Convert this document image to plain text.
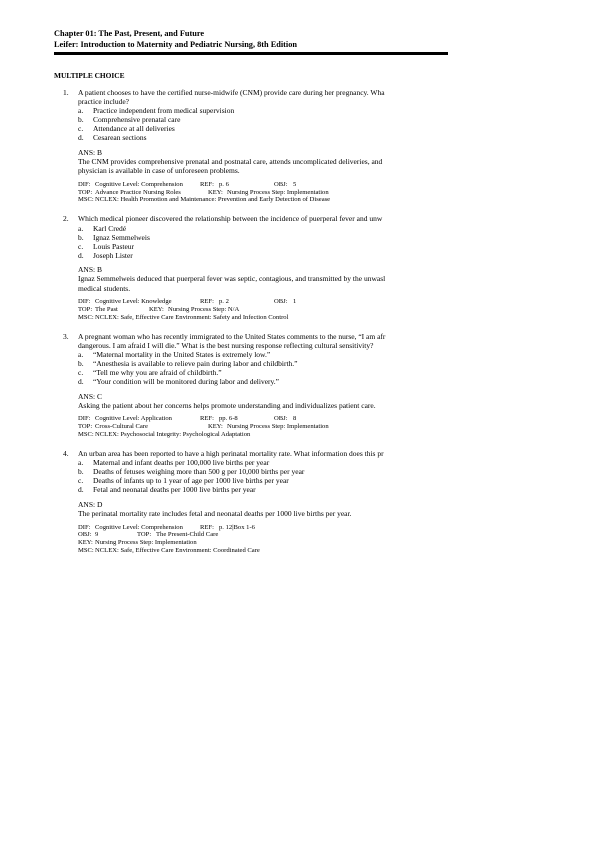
Chapter 01: The Past, Present, and Future
Leifer: Introduction to Maternity and Pediatric Nursing, 8th Edition
MULTIPLE CHOICE
1. A patient chooses to have the certified nurse-midwife (CNM) provide care during her pregnancy. Wha
practice include?
a. Practice independent from medical supervision
b. Comprehensive prenatal care
c. Attendance at all deliveries
d. Cesarean sections
ANS: B
The CNM provides comprehensive prenatal and postnatal care, attends uncomplicated deliveries, and
physician is available in case of unforeseen problems.
DIF: Cognitive Level: Comprehension	REF: p. 6	OBJ: 5
TOP: Advance Practice Nursing Roles	KEY: Nursing Process Step: Implementation
MSC: NCLEX: Health Promotion and Maintenance: Prevention and Early Detection of Disease
2. Which medical pioneer discovered the relationship between the incidence of puerperal fever and unw
a. Karl Credé
b. Ignaz Semmelweis
c. Louis Pasteur
d. Joseph Lister
ANS: B
Ignaz Semmelweis deduced that puerperal fever was septic, contagious, and transmitted by the unwasl
medical students.
DIF: Cognitive Level: Knowledge	REF: p. 2	OBJ: 1
TOP: The Past	KEY: Nursing Process Step: N/A
MSC: NCLEX: Safe, Effective Care Environment: Safety and Infection Control
3. A pregnant woman who has recently immigrated to the United States comments to the nurse, “I am afr
dangerous. I am afraid I will die.” What is the best nursing response reflecting cultural sensitivity?
a. “Maternal mortality in the United States is extremely low.”
b. “Anesthesia is available to relieve pain during labor and childbirth.”
c. “Tell me why you are afraid of childbirth.”
d. “Your condition will be monitored during labor and delivery.”
ANS: C
Asking the patient about her concerns helps promote understanding and individualizes patient care.
DIF: Cognitive Level: Application	REF: pp. 6-8	OBJ: 8
TOP: Cross-Cultural Care	KEY: Nursing Process Step: Implementation
MSC: NCLEX: Psychosocial Integrity: Psychological Adaptation
4. An urban area has been reported to have a high perinatal mortality rate. What information does this pr
a. Maternal and infant deaths per 100,000 live births per year
b. Deaths of fetuses weighing more than 500 g per 10,000 births per year
c. Deaths of infants up to 1 year of age per 1000 live births per year
d. Fetal and neonatal deaths per 1000 live births per year
ANS: D
The perinatal mortality rate includes fetal and neonatal deaths per 1000 live births per year.
DIF: Cognitive Level: Comprehension	REF: p. 12|Box 1-6
OBJ: 9	TOP: The Present-Child Care
KEY: Nursing Process Step: Implementation
MSC: NCLEX: Safe, Effective Care Environment: Coordinated Care
